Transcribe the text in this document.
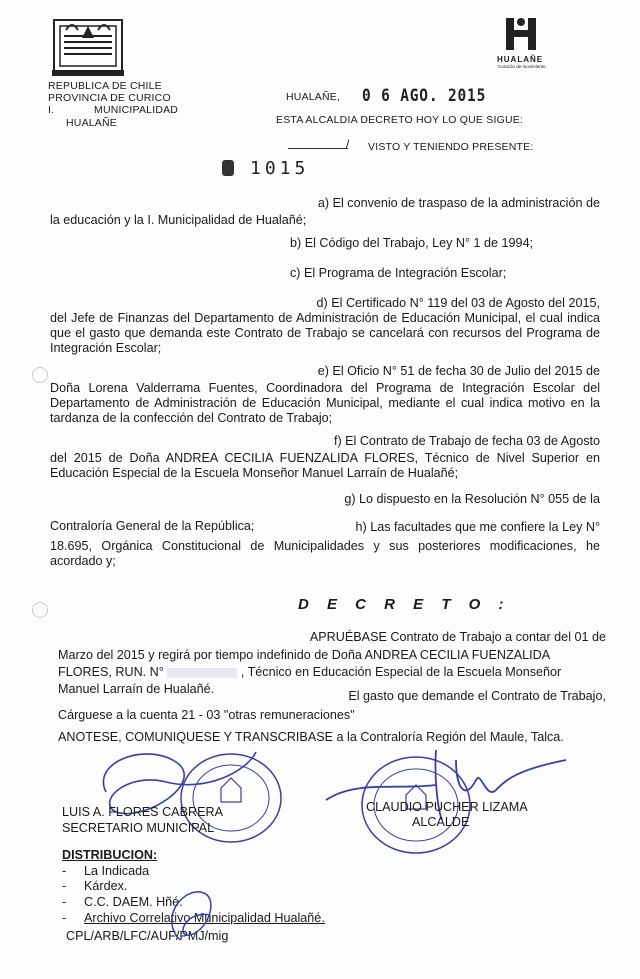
HUALAÑE
Corazón de movimiento
REPUBLICA DE CHILE
PROVINCIA DE CURICO
I.	MUNICIPALIDAD
HUALAÑE
HUALAÑE, 0 6 AGO. 2015
ESTA ALCALDIA DECRETO HOY LO QUE SIGUE:
/ VISTO Y TENIENDO PRESENTE:
1015
a) El convenio de traspaso de la administración de
la educación y la I. Municipalidad de Hualañé;
b) El Código del Trabajo, Ley N° 1 de 1994;
c) El Programa de Integración Escolar;
d) El Certificado N° 119 del 03 de Agosto del 2015,
del Jefe de Finanzas del Departamento de Administración de Educación Municipal, el cual indica que el gasto que demanda este Contrato de Trabajo se cancelará con recursos del Programa de Integración Escolar;
e) El Oficio N° 51 de fecha 30 de Julio del 2015 de
Doña Lorena Valderrama Fuentes, Coordinadora del Programa de Integración Escolar del Departamento de Administración de Educación Municipal, mediante el cual indica motivo en la tardanza de la confección del Contrato de Trabajo;
f) El Contrato de Trabajo de fecha 03 de Agosto
del 2015 de Doña ANDREA CECILIA FUENZALIDA FLORES, Técnico de Nivel Superior en Educación Especial de la Escuela Monseñor Manuel Larraín de Hualañé;
g) Lo dispuesto en la Resolución N° 055 de la
Contraloría General de la República;	h) Las facultades que me confiere la Ley N°
18.695, Orgánica Constitucional de Municipalidades y sus posteriores modificaciones, he acordado y;
D E C R E T O :
APRUÉBASE Contrato de Trabajo a contar del 01 de
Marzo del 2015 y regirá por tiempo indefinido de Doña ANDREA CECILIA FUENZALIDA
FLORES, RUN. N°	, Técnico en Educación Especial de la Escuela Monseñor
Manuel Larraín de Hualañé.	El gasto que demande el Contrato de Trabajo,
Cárguese a la cuenta 21 - 03 "otras remuneraciones"
ANOTESE, COMUNIQUESE Y TRANSCRIBASE a la Contraloría Región del Maule, Talca.
LUIS A. FLORES CABRERA
SECRETARIO MUNICIPAL
CLAUDIO PUCHER LIZAMA
ALCALDE
DISTRIBUCION:
- La Indicada
- Kárdex.
- C.C. DAEM. Hñé.
- Archivo Correlativo Municipalidad Hualañé.
CPL/ARB/LFC/AUF/PMJ/mig
